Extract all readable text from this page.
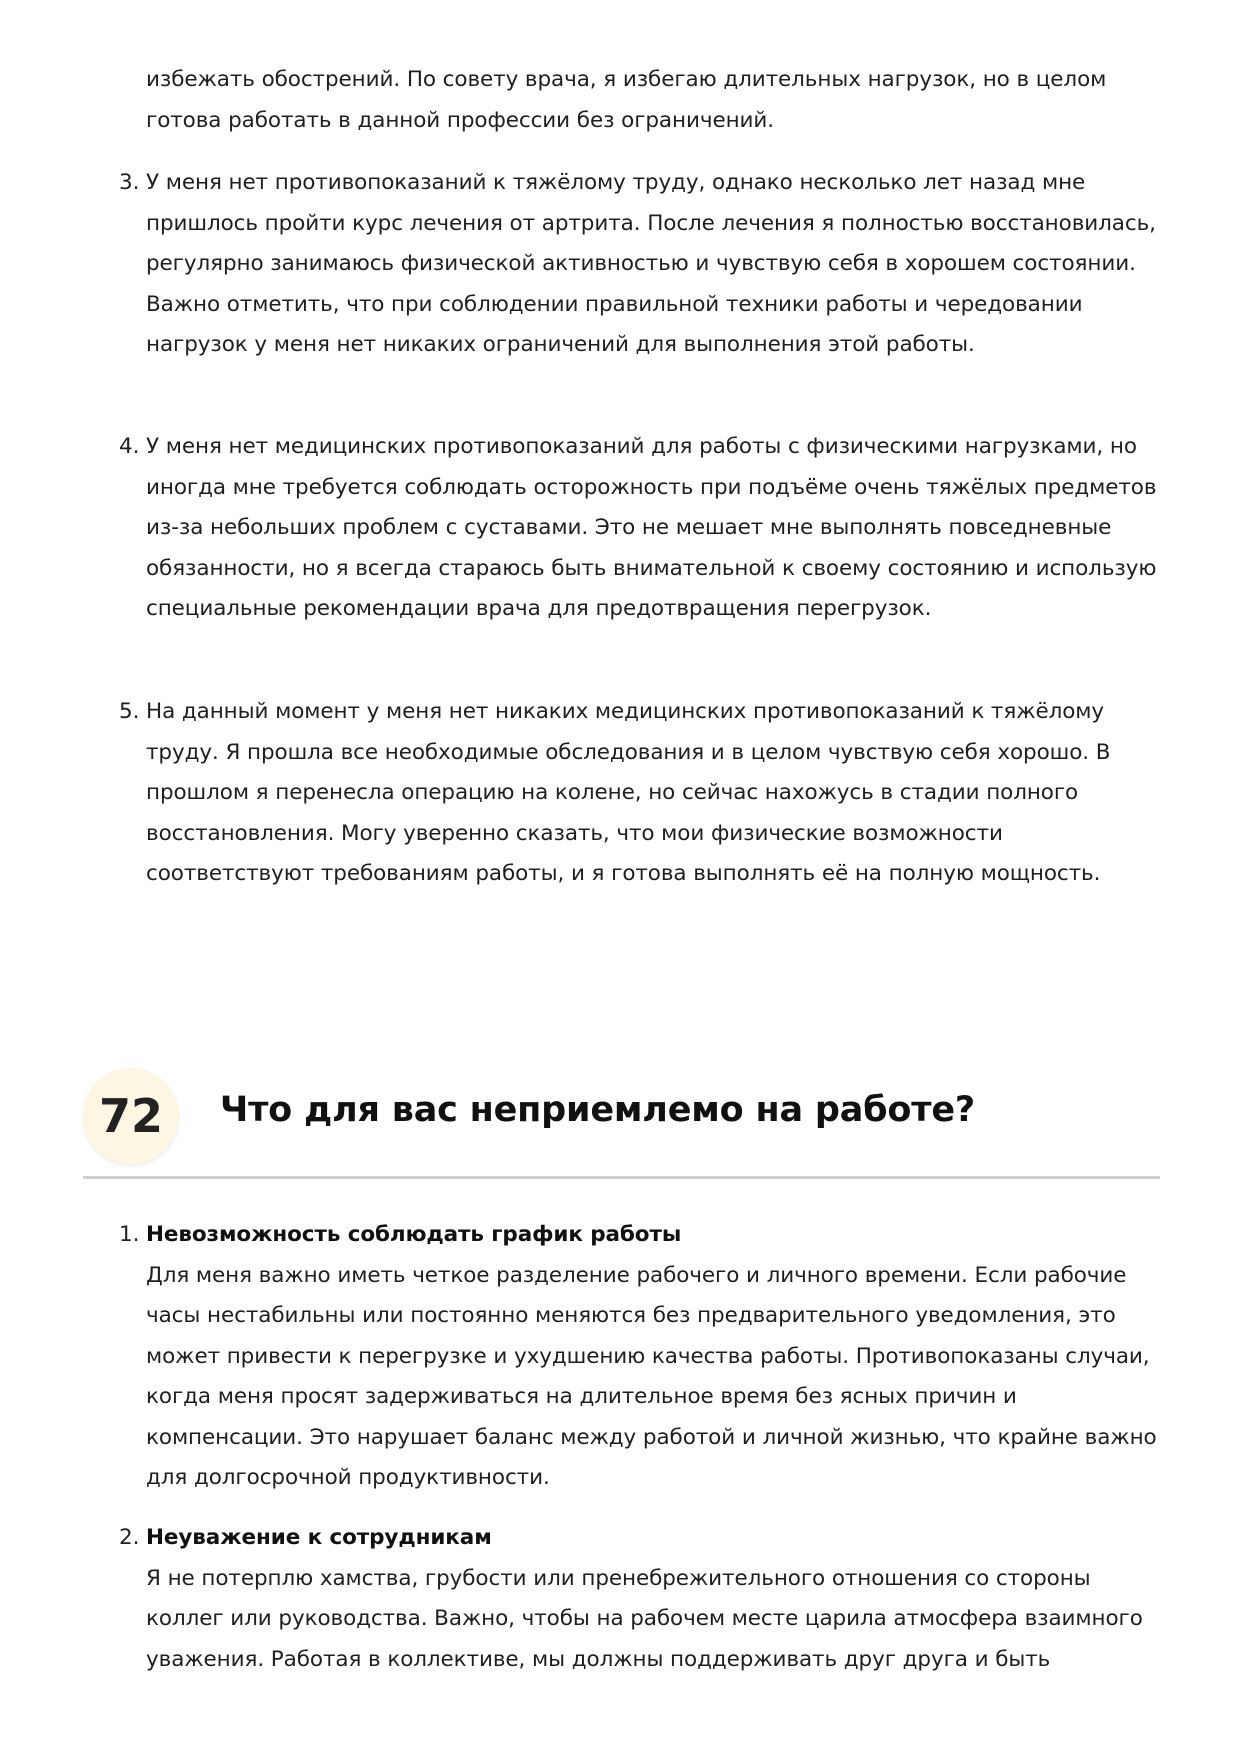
избежать обострений. По совету врача, я избегаю длительных нагрузок, но в целом готова работать в данной профессии без ограничений.

3. У меня нет противопоказаний к тяжёлому труду, однако несколько лет назад мне пришлось пройти курс лечения от артрита. После лечения я полностью восстановилась, регулярно занимаюсь физической активностью и чувствую себя в хорошем состоянии. Важно отметить, что при соблюдении правильной техники работы и чередовании нагрузок у меня нет никаких ограничений для выполнения этой работы.

4. У меня нет медицинских противопоказаний для работы с физическими нагрузками, но иногда мне требуется соблюдать осторожность при подъёме очень тяжёлых предметов из-за небольших проблем с суставами. Это не мешает мне выполнять повседневные обязанности, но я всегда стараюсь быть внимательной к своему состоянию и использую специальные рекомендации врача для предотвращения перегрузок.

5. На данный момент у меня нет никаких медицинских противопоказаний к тяжёлому труду. Я прошла все необходимые обследования и в целом чувствую себя хорошо. В прошлом я перенесла операцию на колене, но сейчас нахожусь в стадии полного восстановления. Могу уверенно сказать, что мои физические возможности соответствуют требованиям работы, и я готова выполнять её на полную мощность.

72	Что для вас неприемлемо на работе?
1. Невозможность соблюдать график работы
Для меня важно иметь четкое разделение рабочего и личного времени. Если рабочие часы нестабильны или постоянно меняются без предварительного уведомления, это может привести к перегрузке и ухудшению качества работы. Противопоказаны случаи, когда меня просят задерживаться на длительное время без ясных причин и компенсации. Это нарушает баланс между работой и личной жизнью, что крайне важно для долгосрочной продуктивности.
2. Неуважение к сотрудникам
Я не потерплю хамства, грубости или пренебрежительного отношения со стороны коллег или руководства. Важно, чтобы на рабочем месте царила атмосфера взаимного уважения. Работая в коллективе, мы должны поддерживать друг друга и быть
